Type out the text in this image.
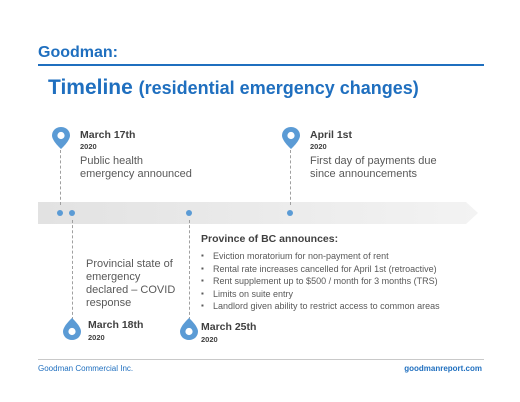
Goodman:
Timeline (residential emergency changes)
March 17th
2020
Public health
emergency announced
April 1st
2020
First day of payments due
since announcements
Provincial state of
emergency
declared – COVID
response
March 18th
2020
March 25th
2020
Province of BC announces:
▪ Eviction moratorium for non-payment of rent
▪ Rental rate increases cancelled for April 1st (retroactive)
▪ Rent supplement up to $500 / month for 3 months (TRS)
▪ Limits on suite entry
▪ Landlord given ability to restrict access to common areas
Goodman Commercial Inc.	goodmanreport.com
